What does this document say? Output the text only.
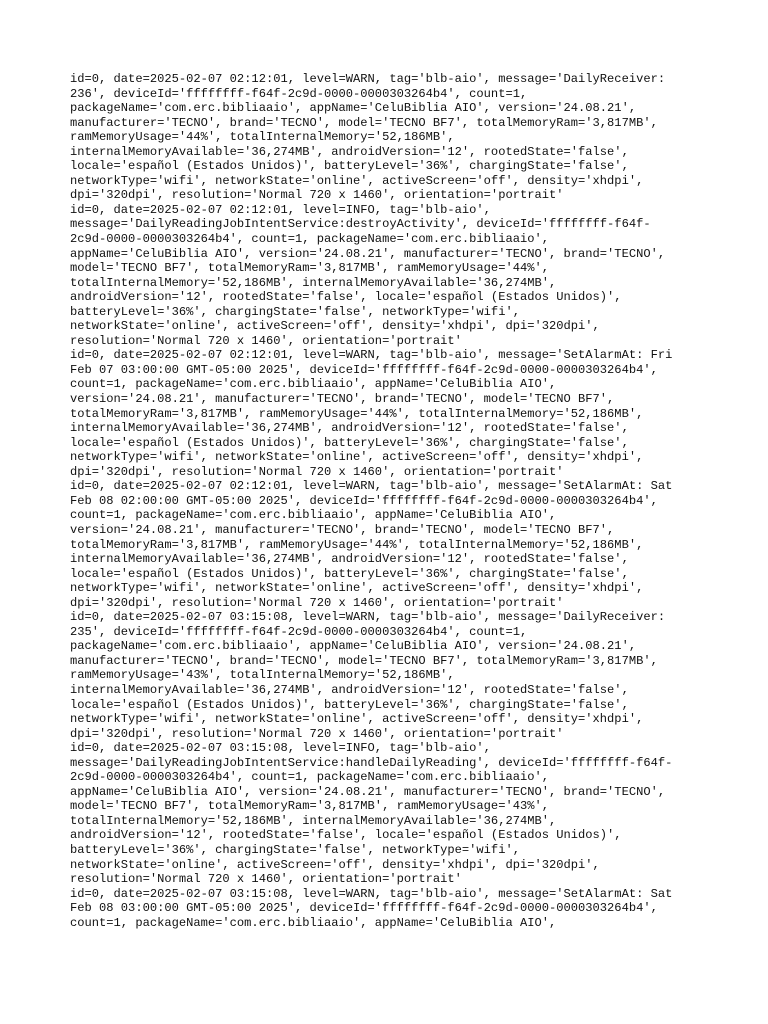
id=0, date=2025-02-07 02:12:01, level=WARN, tag='blb-aio', message='DailyReceiver:
236', deviceId='ffffffff-f64f-2c9d-0000-0000303264b4', count=1,
packageName='com.erc.bibliaaio', appName='CeluBiblia AIO', version='24.08.21',
manufacturer='TECNO', brand='TECNO', model='TECNO BF7', totalMemoryRam='3,817MB',
ramMemoryUsage='44%', totalInternalMemory='52,186MB',
internalMemoryAvailable='36,274MB', androidVersion='12', rootedState='false',
locale='español (Estados Unidos)', batteryLevel='36%', chargingState='false',
networkType='wifi', networkState='online', activeScreen='off', density='xhdpi',
dpi='320dpi', resolution='Normal 720 x 1460', orientation='portrait'
id=0, date=2025-02-07 02:12:01, level=INFO, tag='blb-aio',
message='DailyReadingJobIntentService:destroyActivity', deviceId='ffffffff-f64f-
2c9d-0000-0000303264b4', count=1, packageName='com.erc.bibliaaio',
appName='CeluBiblia AIO', version='24.08.21', manufacturer='TECNO', brand='TECNO',
model='TECNO BF7', totalMemoryRam='3,817MB', ramMemoryUsage='44%',
totalInternalMemory='52,186MB', internalMemoryAvailable='36,274MB',
androidVersion='12', rootedState='false', locale='español (Estados Unidos)',
batteryLevel='36%', chargingState='false', networkType='wifi',
networkState='online', activeScreen='off', density='xhdpi', dpi='320dpi',
resolution='Normal 720 x 1460', orientation='portrait'
id=0, date=2025-02-07 02:12:01, level=WARN, tag='blb-aio', message='SetAlarmAt: Fri
Feb 07 03:00:00 GMT-05:00 2025', deviceId='ffffffff-f64f-2c9d-0000-0000303264b4',
count=1, packageName='com.erc.bibliaaio', appName='CeluBiblia AIO',
version='24.08.21', manufacturer='TECNO', brand='TECNO', model='TECNO BF7',
totalMemoryRam='3,817MB', ramMemoryUsage='44%', totalInternalMemory='52,186MB',
internalMemoryAvailable='36,274MB', androidVersion='12', rootedState='false',
locale='español (Estados Unidos)', batteryLevel='36%', chargingState='false',
networkType='wifi', networkState='online', activeScreen='off', density='xhdpi',
dpi='320dpi', resolution='Normal 720 x 1460', orientation='portrait'
id=0, date=2025-02-07 02:12:01, level=WARN, tag='blb-aio', message='SetAlarmAt: Sat
Feb 08 02:00:00 GMT-05:00 2025', deviceId='ffffffff-f64f-2c9d-0000-0000303264b4',
count=1, packageName='com.erc.bibliaaio', appName='CeluBiblia AIO',
version='24.08.21', manufacturer='TECNO', brand='TECNO', model='TECNO BF7',
totalMemoryRam='3,817MB', ramMemoryUsage='44%', totalInternalMemory='52,186MB',
internalMemoryAvailable='36,274MB', androidVersion='12', rootedState='false',
locale='español (Estados Unidos)', batteryLevel='36%', chargingState='false',
networkType='wifi', networkState='online', activeScreen='off', density='xhdpi',
dpi='320dpi', resolution='Normal 720 x 1460', orientation='portrait'
id=0, date=2025-02-07 03:15:08, level=WARN, tag='blb-aio', message='DailyReceiver:
235', deviceId='ffffffff-f64f-2c9d-0000-0000303264b4', count=1,
packageName='com.erc.bibliaaio', appName='CeluBiblia AIO', version='24.08.21',
manufacturer='TECNO', brand='TECNO', model='TECNO BF7', totalMemoryRam='3,817MB',
ramMemoryUsage='43%', totalInternalMemory='52,186MB',
internalMemoryAvailable='36,274MB', androidVersion='12', rootedState='false',
locale='español (Estados Unidos)', batteryLevel='36%', chargingState='false',
networkType='wifi', networkState='online', activeScreen='off', density='xhdpi',
dpi='320dpi', resolution='Normal 720 x 1460', orientation='portrait'
id=0, date=2025-02-07 03:15:08, level=INFO, tag='blb-aio',
message='DailyReadingJobIntentService:handleDailyReading', deviceId='ffffffff-f64f-
2c9d-0000-0000303264b4', count=1, packageName='com.erc.bibliaaio',
appName='CeluBiblia AIO', version='24.08.21', manufacturer='TECNO', brand='TECNO',
model='TECNO BF7', totalMemoryRam='3,817MB', ramMemoryUsage='43%',
totalInternalMemory='52,186MB', internalMemoryAvailable='36,274MB',
androidVersion='12', rootedState='false', locale='español (Estados Unidos)',
batteryLevel='36%', chargingState='false', networkType='wifi',
networkState='online', activeScreen='off', density='xhdpi', dpi='320dpi',
resolution='Normal 720 x 1460', orientation='portrait'
id=0, date=2025-02-07 03:15:08, level=WARN, tag='blb-aio', message='SetAlarmAt: Sat
Feb 08 03:00:00 GMT-05:00 2025', deviceId='ffffffff-f64f-2c9d-0000-0000303264b4',
count=1, packageName='com.erc.bibliaaio', appName='CeluBiblia AIO',
